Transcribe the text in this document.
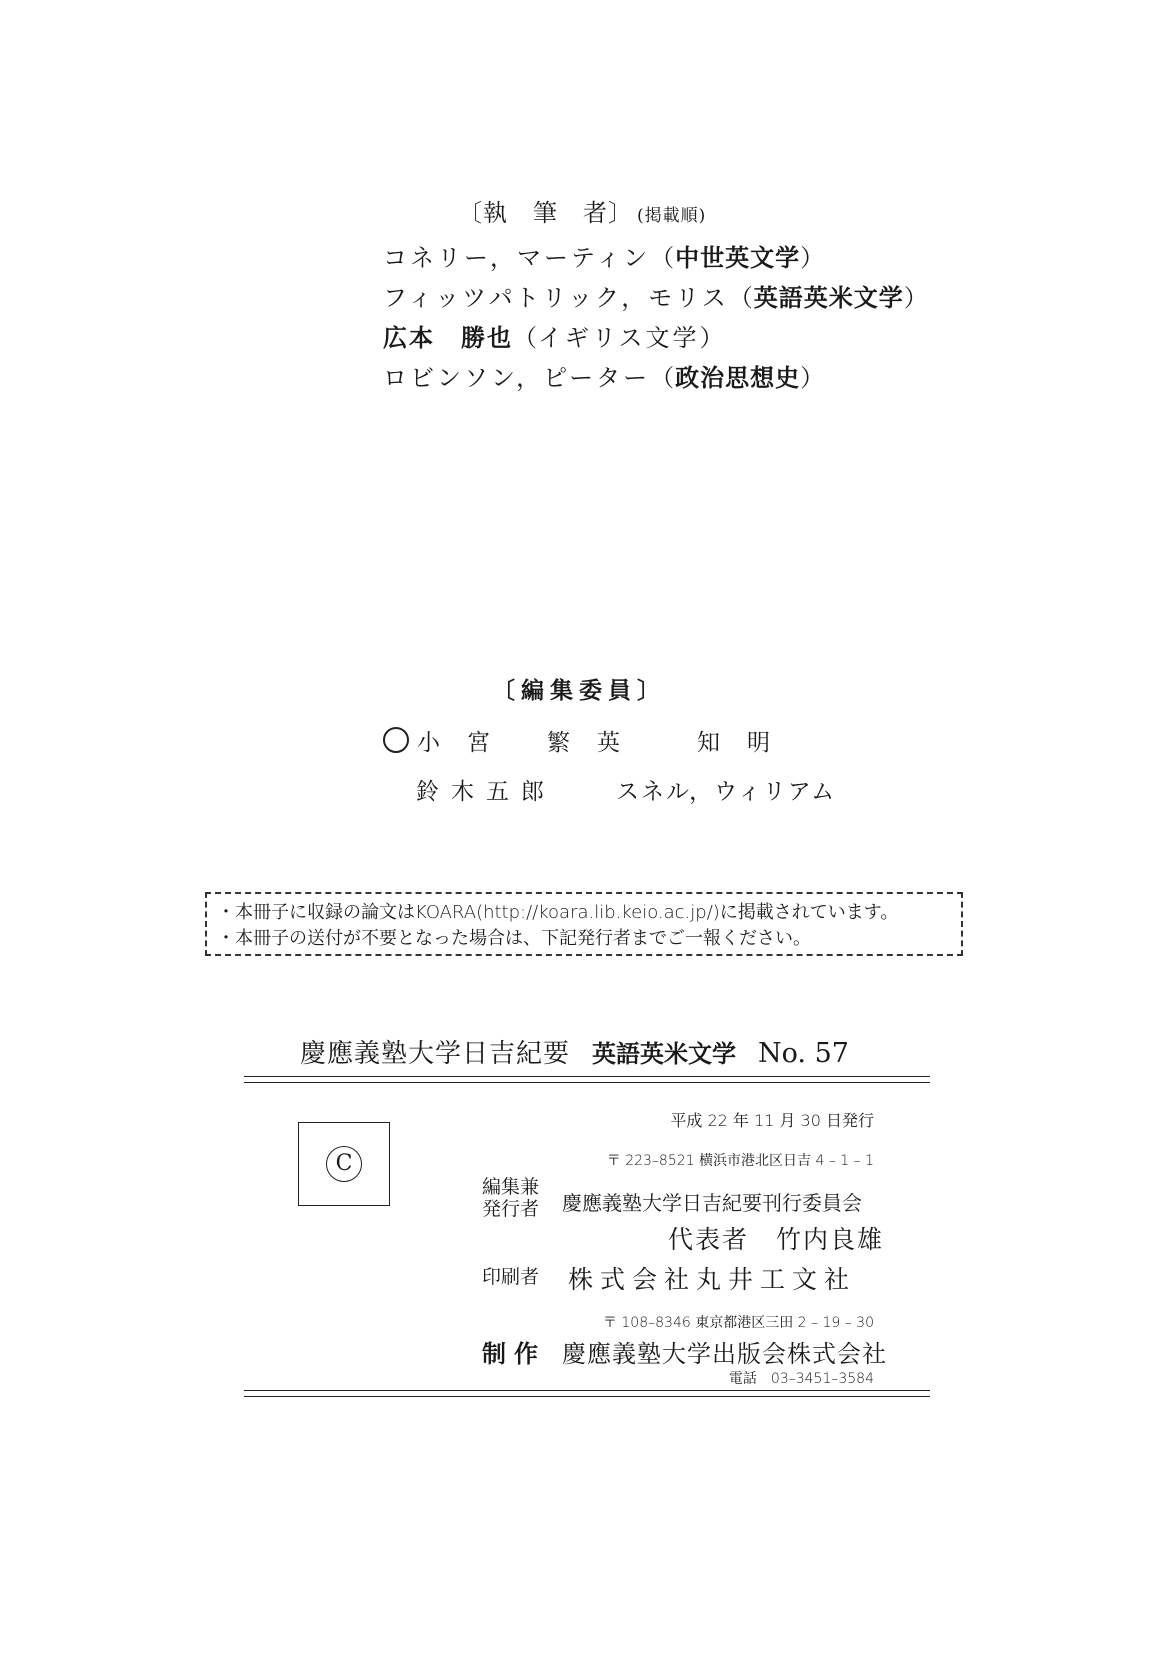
〔執　筆　者〕 (掲載順)
コネリー，マーティン（中世英文学）
フィッツパトリック，モリス（英語英米文学）
広本　勝也（イギリス文学）
ロビンソン，ピーター（政治思想史）
〔編集委員〕
小　宮 繁　英	知　明
鈴木五郎	スネル，ウィリアム
・本冊子に収録の論文はKOARA(http://koara.lib.keio.ac.jp/)に掲載されています。
・本冊子の送付が不要となった場合は、下記発行者までご一報ください。
慶應義塾大学日吉紀要 英語英米文学 No. 57
C
平成 22 年 11 月 30 日発行
〒 223–8521 横浜市港北区日吉 4 – 1 – 1
編集兼
発行者 慶應義塾大学日吉紀要刊行委員会
代表者　竹内良雄
印刷者 株式会社丸井工文社
〒 108–8346 東京都港区三田 2 – 19 – 30
制作 慶應義塾大学出版会株式会社
電話　03–3451–3584
